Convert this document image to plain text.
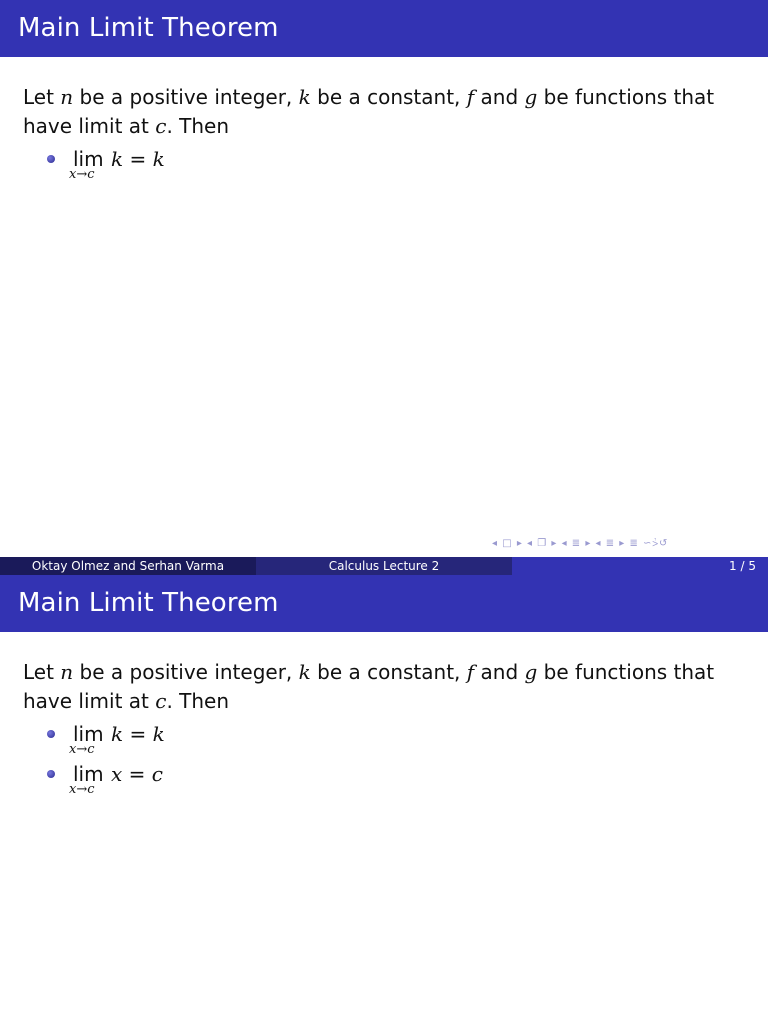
Main Limit Theorem
Let n be a positive integer, k be a constant, f and g be functions that have limit at c. Then
lim
x→c
k = k
◂ □ ▸ ◂ ❐ ▸ ◂ ≣ ▸ ◂ ≣ ▸ ≣ ∽⩼↺
Oktay Olmez and Serhan Varma	Calculus Lecture 2	1 / 5
Main Limit Theorem
Let n be a positive integer, k be a constant, f and g be functions that have limit at c. Then
lim
x→c
k = k
lim
x→c
x = c
